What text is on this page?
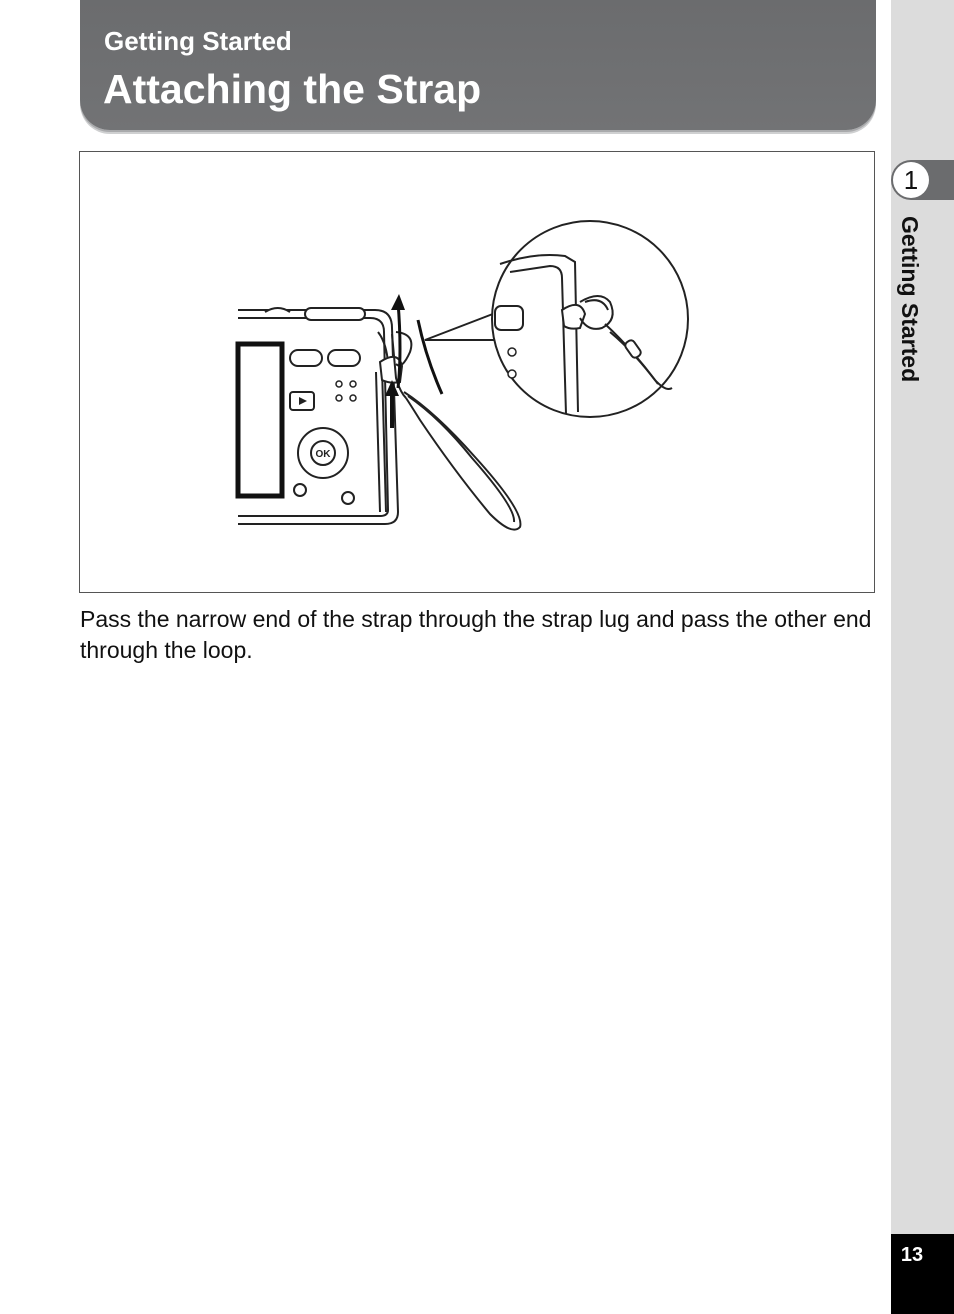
Getting Started
Attaching the Strap
1
Getting Started
OK
Pass the narrow end of the strap through the strap lug and pass the other end through the loop.
13
